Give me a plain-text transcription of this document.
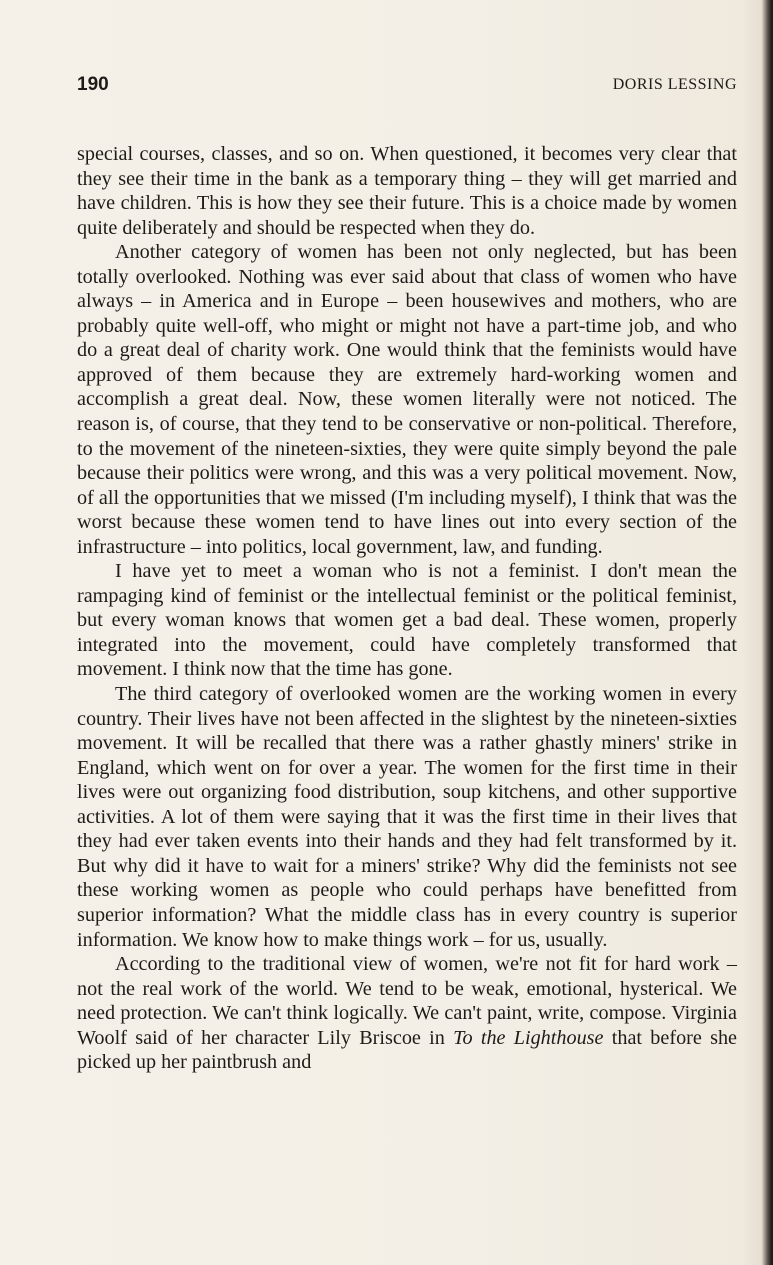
190	DORIS LESSING

special courses, classes, and so on. When questioned, it becomes very clear that they see their time in the bank as a temporary thing – they will get married and have children. This is how they see their future. This is a choice made by women quite deliberately and should be respected when they do.

Another category of women has been not only neglected, but has been totally overlooked. Nothing was ever said about that class of women who have always – in America and in Europe – been housewives and mothers, who are probably quite well-off, who might or might not have a part-time job, and who do a great deal of charity work. One would think that the feminists would have approved of them because they are extremely hard-working women and accomplish a great deal. Now, these women literally were not noticed. The reason is, of course, that they tend to be conservative or non-political. Therefore, to the movement of the nineteen-sixties, they were quite simply beyond the pale because their politics were wrong, and this was a very political movement. Now, of all the opportunities that we missed (I'm including myself), I think that was the worst because these women tend to have lines out into every section of the infrastructure – into politics, local government, law, and funding.

I have yet to meet a woman who is not a feminist. I don't mean the rampaging kind of feminist or the intellectual feminist or the political feminist, but every woman knows that women get a bad deal. These women, properly integrated into the movement, could have completely transformed that movement. I think now that the time has gone.

The third category of overlooked women are the working women in every country. Their lives have not been affected in the slightest by the nineteen-sixties movement. It will be recalled that there was a rather ghastly miners' strike in England, which went on for over a year. The women for the first time in their lives were out organizing food distribution, soup kitchens, and other supportive activities. A lot of them were saying that it was the first time in their lives that they had ever taken events into their hands and they had felt transformed by it. But why did it have to wait for a miners' strike? Why did the feminists not see these working women as people who could perhaps have benefitted from superior information? What the middle class has in every country is superior information. We know how to make things work – for us, usually.

According to the traditional view of women, we're not fit for hard work – not the real work of the world. We tend to be weak, emotional, hysterical. We need protection. We can't think logically. We can't paint, write, compose. Virginia Woolf said of her character Lily Briscoe in To the Lighthouse that before she picked up her paintbrush and
